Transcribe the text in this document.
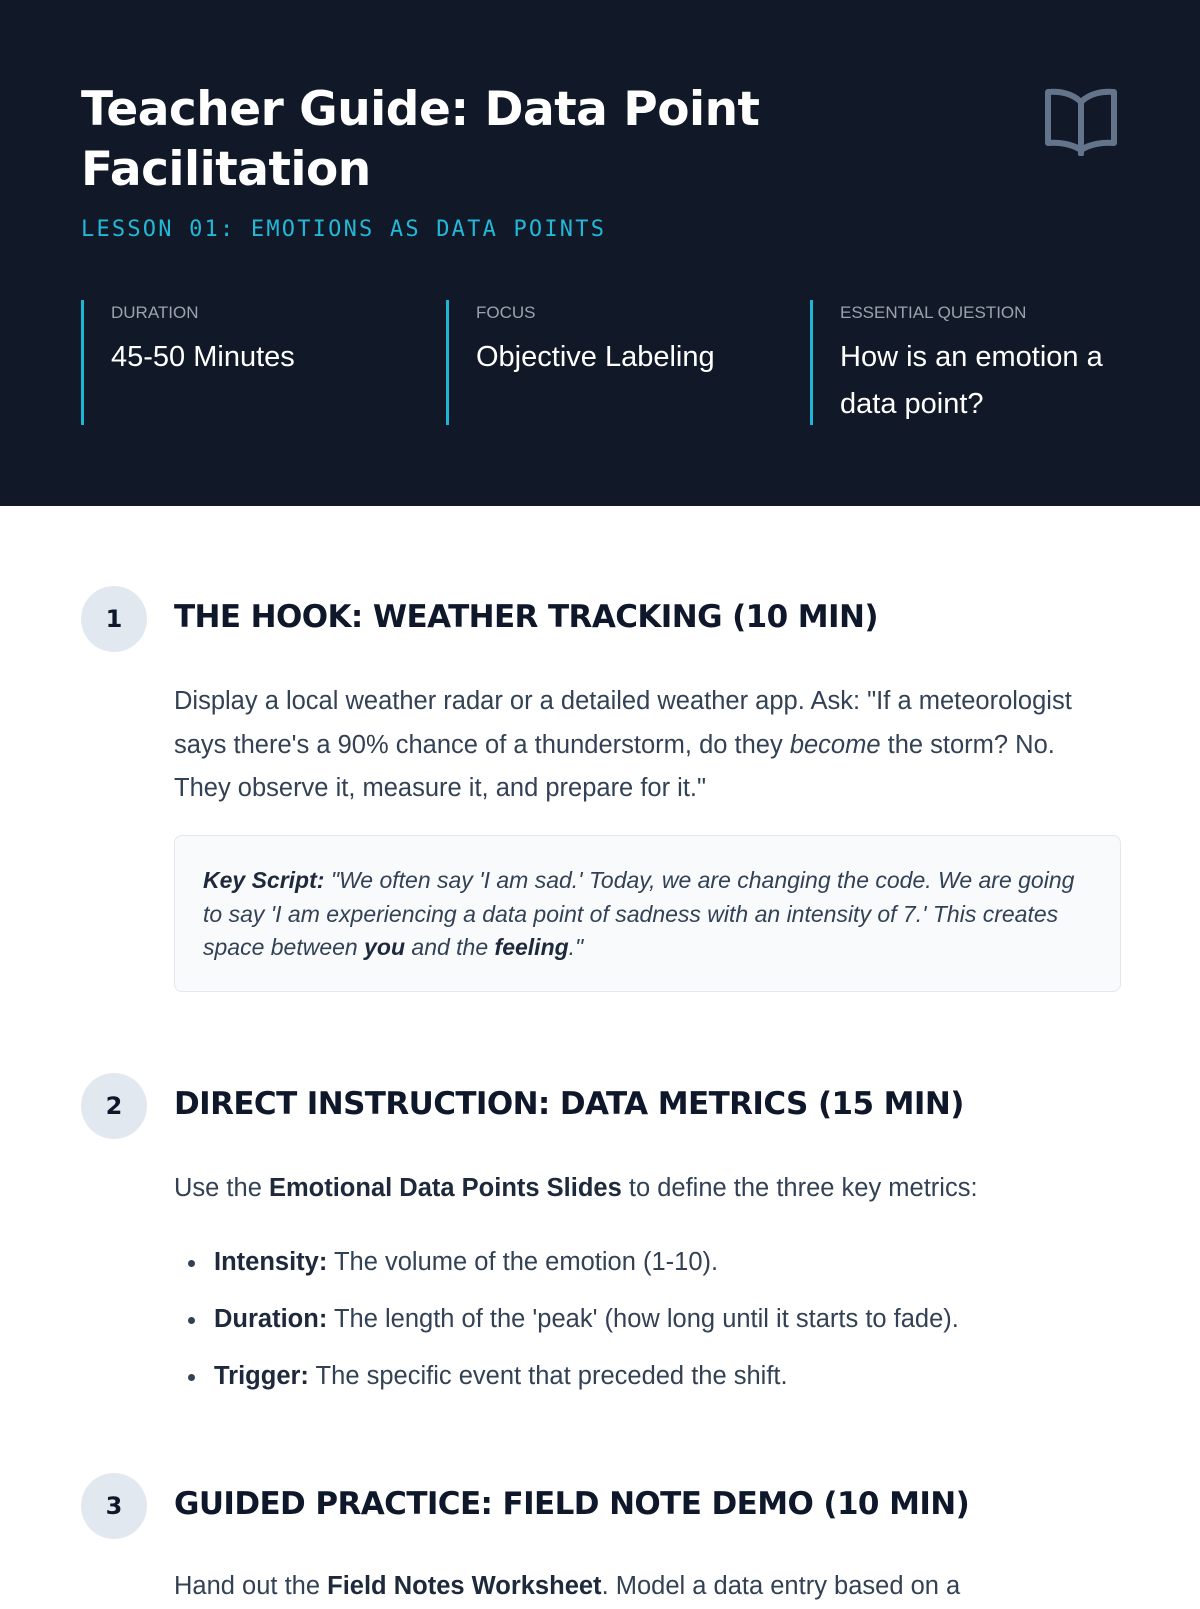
Teacher Guide: Data Point Facilitation
LESSON 01: EMOTIONS AS DATA POINTS
DURATION
45-50 Minutes
FOCUS
Objective Labeling
ESSENTIAL QUESTION
How is an emotion a data point?
1	THE HOOK: WEATHER TRACKING (10 MIN)

Display a local weather radar or a detailed weather app. Ask: "If a meteorologist says there's a 90% chance of a thunderstorm, do they become the storm? No. They observe it, measure it, and prepare for it."

Key Script: "We often say 'I am sad.' Today, we are changing the code. We are going to say 'I am experiencing a data point of sadness with an intensity of 7.' This creates space between you and the feeling."

2	DIRECT INSTRUCTION: DATA METRICS (15 MIN)

Use the Emotional Data Points Slides to define the three key metrics:

Intensity: The volume of the emotion (1-10).
Duration: The length of the 'peak' (how long until it starts to fade).
Trigger: The specific event that preceded the shift.
3	GUIDED PRACTICE: FIELD NOTE DEMO (10 MIN)

Hand out the Field Notes Worksheet. Model a data entry based on a
